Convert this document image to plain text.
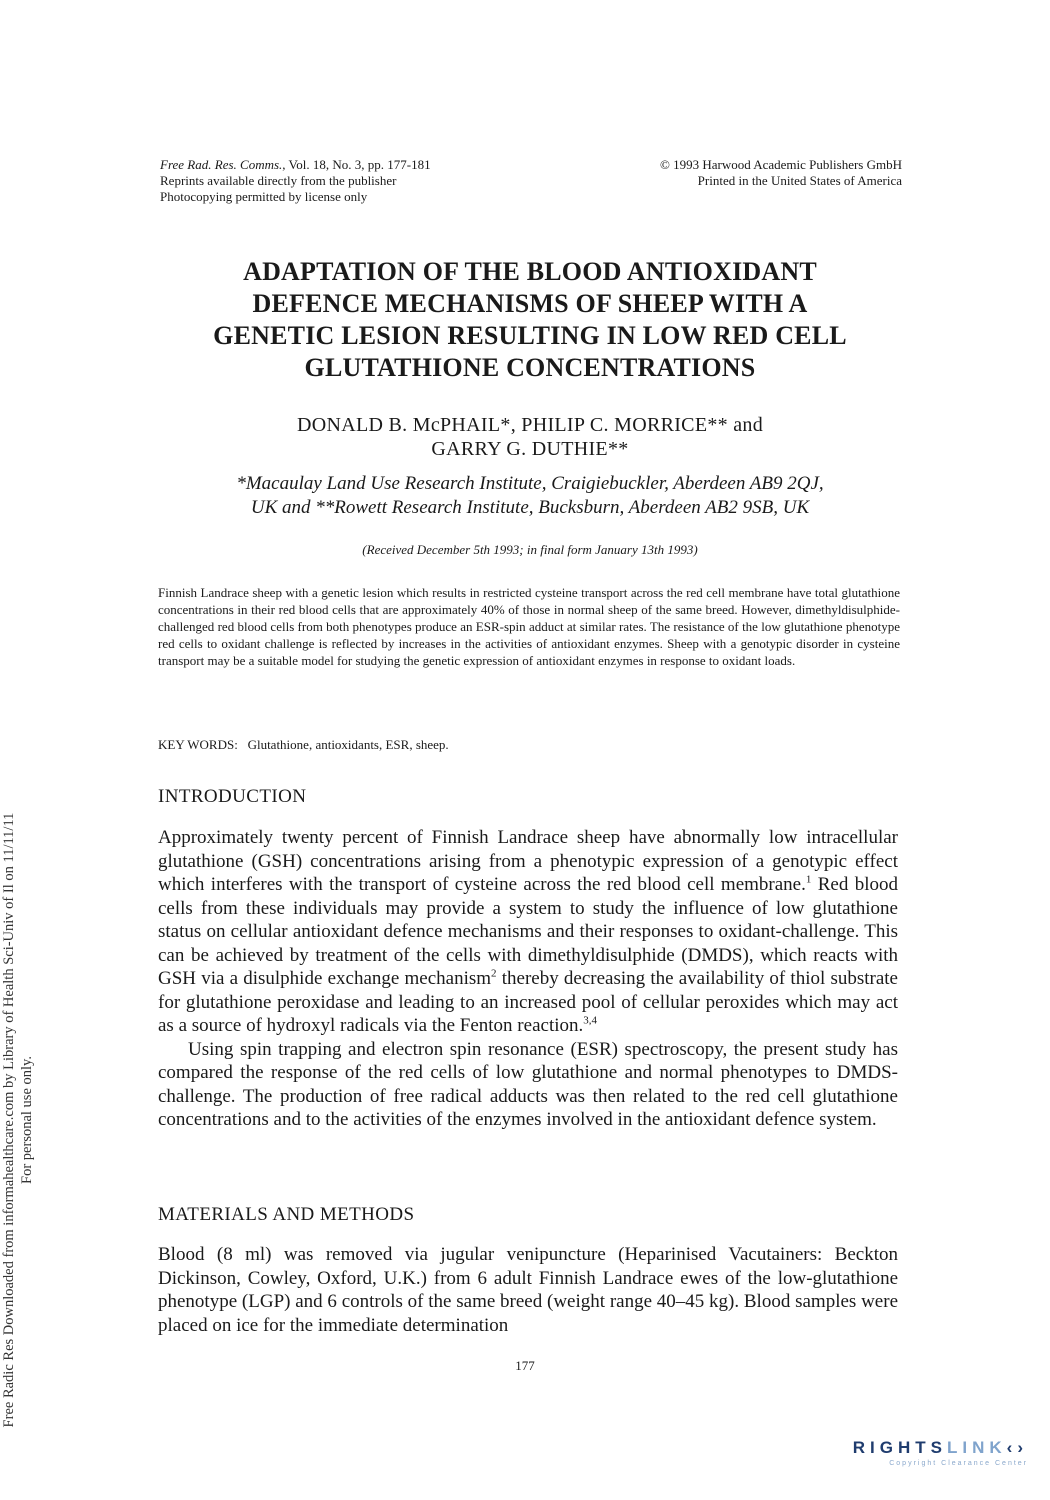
Free Radic Res Downloaded from informahealthcare.com by Library of Health Sci-Univ of Il on 11/11/11 For personal use only.
Free Rad. Res. Comms., Vol. 18, No. 3, pp. 177-181
Reprints available directly from the publisher
Photocopying permitted by license only
© 1993 Harwood Academic Publishers GmbH
Printed in the United States of America
ADAPTATION OF THE BLOOD ANTIOXIDANT
DEFENCE MECHANISMS OF SHEEP WITH A
GENETIC LESION RESULTING IN LOW RED CELL
GLUTATHIONE CONCENTRATIONS
DONALD B. McPHAIL*, PHILIP C. MORRICE** and
GARRY G. DUTHIE**
*Macaulay Land Use Research Institute, Craigiebuckler, Aberdeen AB9 2QJ,
UK and **Rowett Research Institute, Bucksburn, Aberdeen AB2 9SB, UK
(Received December 5th 1993; in final form January 13th 1993)
Finnish Landrace sheep with a genetic lesion which results in restricted cysteine transport across the red cell membrane have total glutathione concentrations in their red blood cells that are approximately 40% of those in normal sheep of the same breed. However, dimethyldisulphide-challenged red blood cells from both phenotypes produce an ESR-spin adduct at similar rates. The resistance of the low glutathione phenotype red cells to oxidant challenge is reflected by increases in the activities of antioxidant enzymes. Sheep with a genotypic disorder in cysteine transport may be a suitable model for studying the genetic expression of antioxidant enzymes in response to oxidant loads.
KEY WORDS: Glutathione, antioxidants, ESR, sheep.
INTRODUCTION

Approximately twenty percent of Finnish Landrace sheep have abnormally low intracellular glutathione (GSH) concentrations arising from a phenotypic expression of a genotypic effect which interferes with the transport of cysteine across the red blood cell membrane.$^1$ Red blood cells from these individuals may provide a system to study the influence of low glutathione status on cellular antioxidant defence mechanisms and their responses to oxidant-challenge. This can be achieved by treatment of the cells with dimethyldisulphide (DMDS), which reacts with GSH via a disulphide exchange mechanism$^2$ thereby decreasing the availability of thiol substrate for glutathione peroxidase and leading to an increased pool of cellular peroxides which may act as a source of hydroxyl radicals via the Fenton reaction.$^{3,4}$

Using spin trapping and electron spin resonance (ESR) spectroscopy, the present study has compared the response of the red cells of low glutathione and normal phenotypes to DMDS-challenge. The production of free radical adducts was then related to the red cell glutathione concentrations and to the activities of the enzymes involved in the antioxidant defence system.

MATERIALS AND METHODS

Blood (8 ml) was removed via jugular venipuncture (Heparinised Vacutainers: Beckton Dickinson, Cowley, Oxford, U.K.) from 6 adult Finnish Landrace ewes of the low-glutathione phenotype (LGP) and 6 controls of the same breed (weight range 40–45 kg). Blood samples were placed on ice for the immediate determination

177
RIGHTSLINK‹›
Copyright Clearance Center
